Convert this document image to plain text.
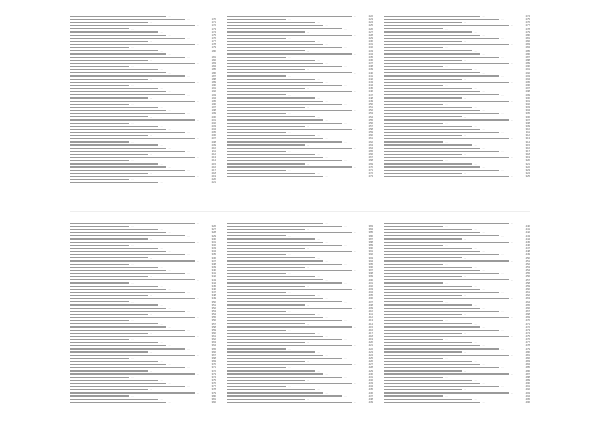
…
…	170
…	171
…	172
…	173
…	174
…	175
…	176
…	177
…	178
…	179
…	180
…
…	181
…	182
…	183
…	184
…	185
…	186
…	187
…	188
…	189
…	190
…	191
…	192
…	193
…	194
…	195
…	196
…	197
…	198
…	199
…	200
…	201
…	202
…	203
…	204
…	205
…	206
…	207
…	208
…	209
…	210
…	211
…	212
…	213
…	214
…	215
…	216
…	217
…	218
…	219
…	220
…	221
…	222
…	223
…	224
…	225
…	226
…	227
…	228
…	229
…	230
…	231
…	232
…	233
…	234
…	235
…	236
…	237
…	238
…	239
…	240
…	241
…	242
…	243
…	244
…	245
…	246
…	247
…	248
…	249
…	250
…	251
…	252
…	253
…	254
…	255
…	256
…	257
…	258
…	259
…	260
…	261
…	262
…	263
…	264
…	265
…	266
…	267
…	268
…	269
…	270
…	271
…	272
…	273
…	274
…	275
…	276
…	277
…	278
…	279
…	280
…	281
…	282
…	283
…	284
…	285
…	286
…	287
…	288
…	289
…	290
…	291
…	292
…	293
…	294
…	295
…	296
…	297
…	298
…	299
…	300
…	301
…	302
…	303
…	304
…	305
…	306
…	307
…	308
…	309
…	310
…	311
…	312
…	313
…	314
…	315
…	316
…	317
…	318
…	319
…	320
…	321
…	322
…	323
…	324
…	325
…
…	326
…	327
…	328
…	329
…	330
…	331
…	332
…	333
…	334
…	335
…	336
…	337
…	338
…	339
…	340
…	341
…	342
…	343
…	344
…	345
…	346
…	347
…	348
…	349
…	350
…	351
…	352
…	353
…	354
…	355
…	356
…	357
…	358
…	359
…	360
…	361
…	362
…	363
…	364
…	365
…	366
…	367
…	368
…	369
…	370
…	371
…	372
…	373
…	374
…	375
…	376
…	377
…	378
…	379
…	380
…	381
…	382
…
…	383
…	384
…	385
…	386
…	387
…	388
…	389
…	390
…	391
…	392
…	393
…	394
…	395
…	396
…	397
…	398
…	399
…	400
…	401
…	402
…	403
…	404
…	405
…	406
…	407
…	408
…	409
…	410
…	411
…	412
…	413
…	414
…	415
…	416
…	417
…	418
…	419
…	420
…	421
…	422
…	423
…	424
…	425
…	426
…	427
…	428
…	429
…	430
…	431
…	432
…	433
…	434
…	435
…	436
…	437
…	438
…	439
…
…	440
…	441
…	442
…	443
…	444
…	445
…	446
…	447
…	448
…	449
…	450
…	451
…	452
…	453
…	454
…	455
…	456
…	457
…	458
…	459
…	460
…	461
…	462
…	463
…	464
…	465
…	466
…	467
…	468
…	469
…	470
…	471
…	472
…	473
…	474
…	475
…	476
…	477
…	478
…	479
…	480
…	481
…	482
…	483
…	484
…	485
…	486
…	487
…	488
…	489
…	490
…	491
…	492
…	493
…	494
…	495
…	496
